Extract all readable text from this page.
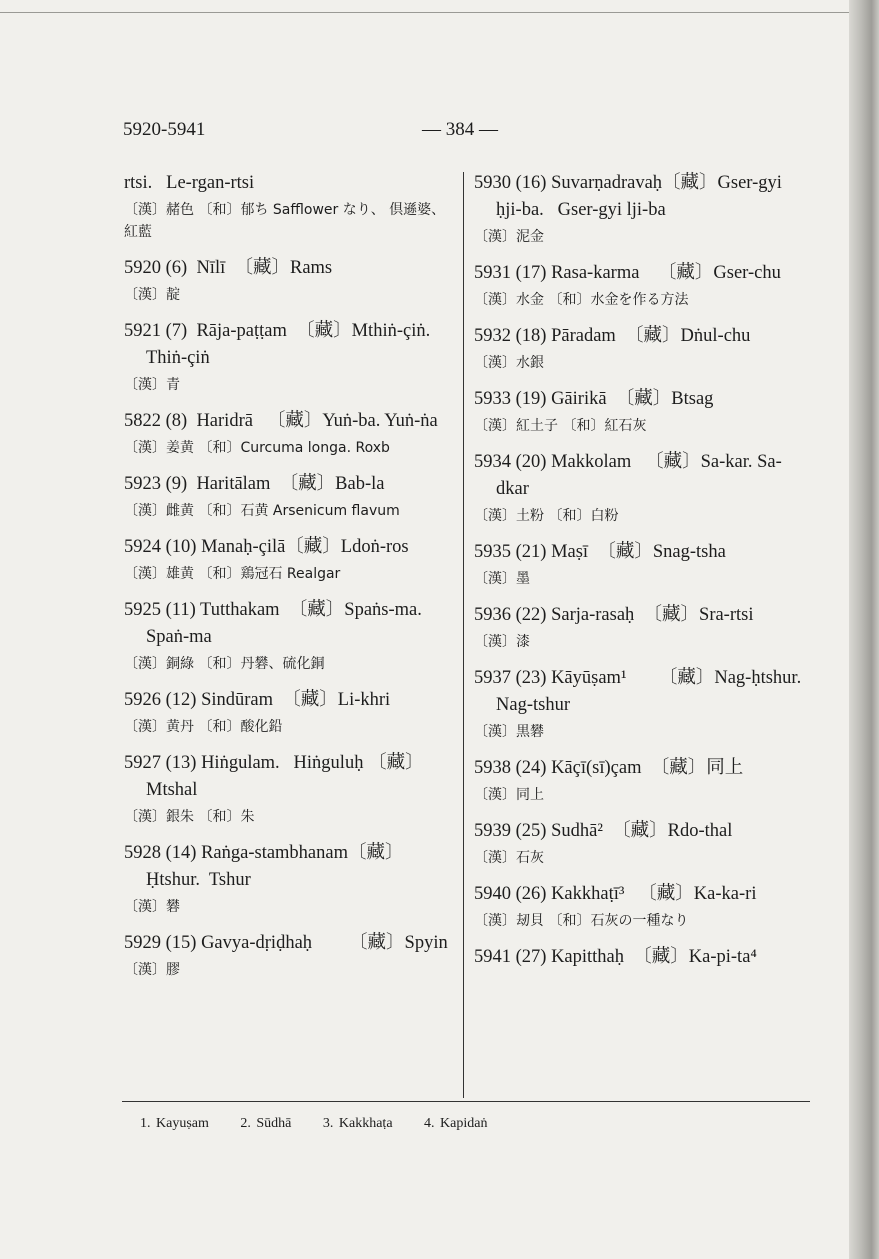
5920-5941	— 384 —
rtsi.   Le-rgan-rtsi
〔漢〕赭色 〔和〕郁ち Safflower なり、 倶遜婆、紅藍
5920 (6)  Nīlī  〔藏〕Rams
〔漢〕靛
5921 (7)  Rāja-paṭṭam  〔藏〕Mthiṅ-çiṅ.  Thiṅ-çiṅ
〔漢〕青
5822 (8)  Haridrā   〔藏〕Yuṅ-ba. Yuṅ-ṅa
〔漢〕姜黄 〔和〕Curcuma longa. Roxb
5923 (9)  Haritālam  〔藏〕Bab-la
〔漢〕雌黄 〔和〕石黄 Arsenicum flavum
5924 (10) Manaḥ-çilā〔藏〕Ldoṅ-ros
〔漢〕雄黄 〔和〕鶏冠石 Realgar
5925 (11) Tutthakam  〔藏〕Spaṅs-ma.  Spaṅ-ma
〔漢〕銅綠 〔和〕丹礬、硫化銅
5926 (12) Sindūram  〔藏〕Li-khri
〔漢〕黄丹 〔和〕酸化鉛
5927 (13) Hiṅgulam.   Hiṅguluḥ 〔藏〕Mtshal
〔漢〕銀朱 〔和〕朱
5928 (14) Raṅga-stambhanam〔藏〕Ḥtshur.  Tshur
〔漢〕礬
5929 (15) Gavya-dṛiḍhaḥ        〔藏〕Spyin
〔漢〕膠
5930 (16) Suvarṇadravaḥ〔藏〕Gser-gyi ḥji-ba.   Gser-gyi lji-ba
〔漢〕泥金
5931 (17) Rasa-karma    〔藏〕Gser-chu
〔漢〕水金 〔和〕水金を作る方法
5932 (18) Pāradam  〔藏〕Dṅul-chu
〔漢〕水銀
5933 (19) Gāirikā  〔藏〕Btsag
〔漢〕紅土子 〔和〕紅石灰
5934 (20) Makkolam   〔藏〕Sa-kar. Sa-dkar
〔漢〕土粉 〔和〕白粉
5935 (21) Maṣī  〔藏〕Snag-tsha
〔漢〕墨
5936 (22) Sarja-rasaḥ  〔藏〕Sra-rtsi
〔漢〕漆
5937 (23) Kāyūṣam¹       〔藏〕Nag-ḥtshur.   Nag-tshur
〔漢〕黒礬
5938 (24) Kāçī(sī)çam  〔藏〕同上
〔漢〕同上
5939 (25) Sudhā²  〔藏〕Rdo-thal
〔漢〕石灰
5940 (26) Kakkhaṭī³   〔藏〕Ka-ka-ri
〔漢〕刼貝 〔和〕石灰の一種なり
5941 (27) Kapitthaḥ  〔藏〕Ka-pi-ta⁴
1. Kayuṣam 2. Sūdhā 3. Kakkhaṭa 4. Kapidaṅ
